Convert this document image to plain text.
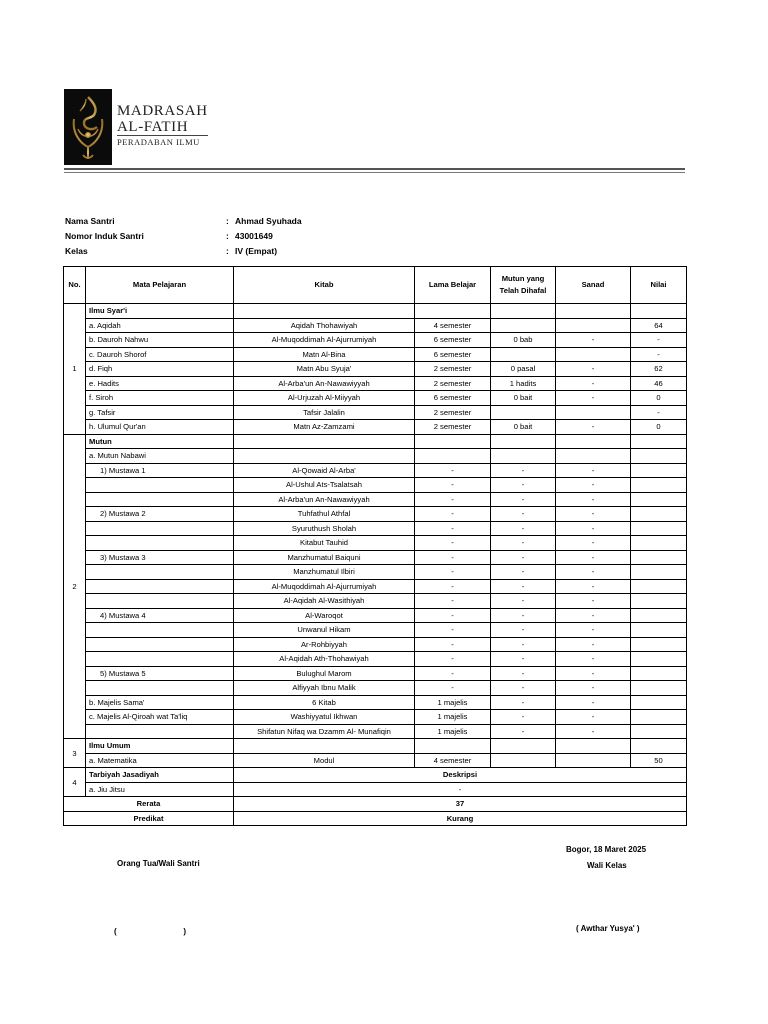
MADRASAH
AL-FATIH
PERADABAN ILMU
Nama Santri	: Ahmad Syuhada
Nomor Induk Santri	: 43001649
Kelas	: IV (Empat)
No.	Mata Pelajaran	Kitab	Lama Belajar	Mutun yang Telah Dihafal	Sanad	Nilai
1	Ilmu Syar'i					
	a. Aqidah	Aqidah Thohawiyah	4 semester			64
	b. Dauroh Nahwu	Al-Muqoddimah Al-Ajurrumiyah	6 semester	0 bab	-	-
	c. Dauroh Shorof	Matn Al-Bina	6 semester			-
	d. Fiqh	Matn Abu Syuja'	2 semester	0 pasal	-	62
	e. Hadits	Al-Arba'un An-Nawawiyyah	2 semester	1 hadits	-	46
	f. Siroh	Al-Urjuzah Al-Miiyyah	6 semester	0 bait	-	0
	g. Tafsir	Tafsir Jalalin	2 semester			-
	h. Ulumul Qur'an	Matn Az-Zamzami	2 semester	0 bait	-	0
2	Mutun					
	a. Mutun Nabawi					
	1) Mustawa 1	Al-Qowaid Al-Arba'	-	-	-	
		Al-Ushul Ats-Tsalatsah	-	-	-	
		Al-Arba'un An-Nawawiyyah	-	-	-	
	2) Mustawa 2	Tuhfathul Athfal	-	-	-	
		Syuruthush Sholah	-	-	-	
		Kitabut Tauhid	-	-	-	
	3) Mustawa 3	Manzhumatul Baiquni	-	-	-	
		Manzhumatul Ilbiri	-	-	-	
		Al-Muqoddimah Al-Ajurrumiyah	-	-	-	
		Al-Aqidah Al-Wasithiyah	-	-	-	
	4) Mustawa 4	Al-Waroqot	-	-	-	
		Unwanul Hikam	-	-	-	
		Ar-Rohbiyyah	-	-	-	
		Al-Aqidah Ath-Thohawiyah	-	-	-	
	5) Mustawa 5	Bulughul Marom	-	-	-	
		Alfiyyah Ibnu Malik	-	-	-	
	b. Majelis Sama'	6 Kitab	1 majelis	-	-	
	c. Majelis Al-Qiroah wat Ta'liq	Washiyyatul Ikhwan	1 majelis	-	-	
		Shifatun Nifaq wa Dzamm Al- Munafiqin	1 majelis	-	-	
3	Ilmu Umum					
	a. Matematika	Modul	4 semester			50
4	Tarbiyah Jasadiyah	Deskripsi				
	a. Jiu Jitsu	-				
Rerata		37				
Predikat		Kurang				
Bogor, 18 Maret 2025
Wali Kelas
Orang Tua/Wali Santri
(                              )	( Awthar Yusya' )
